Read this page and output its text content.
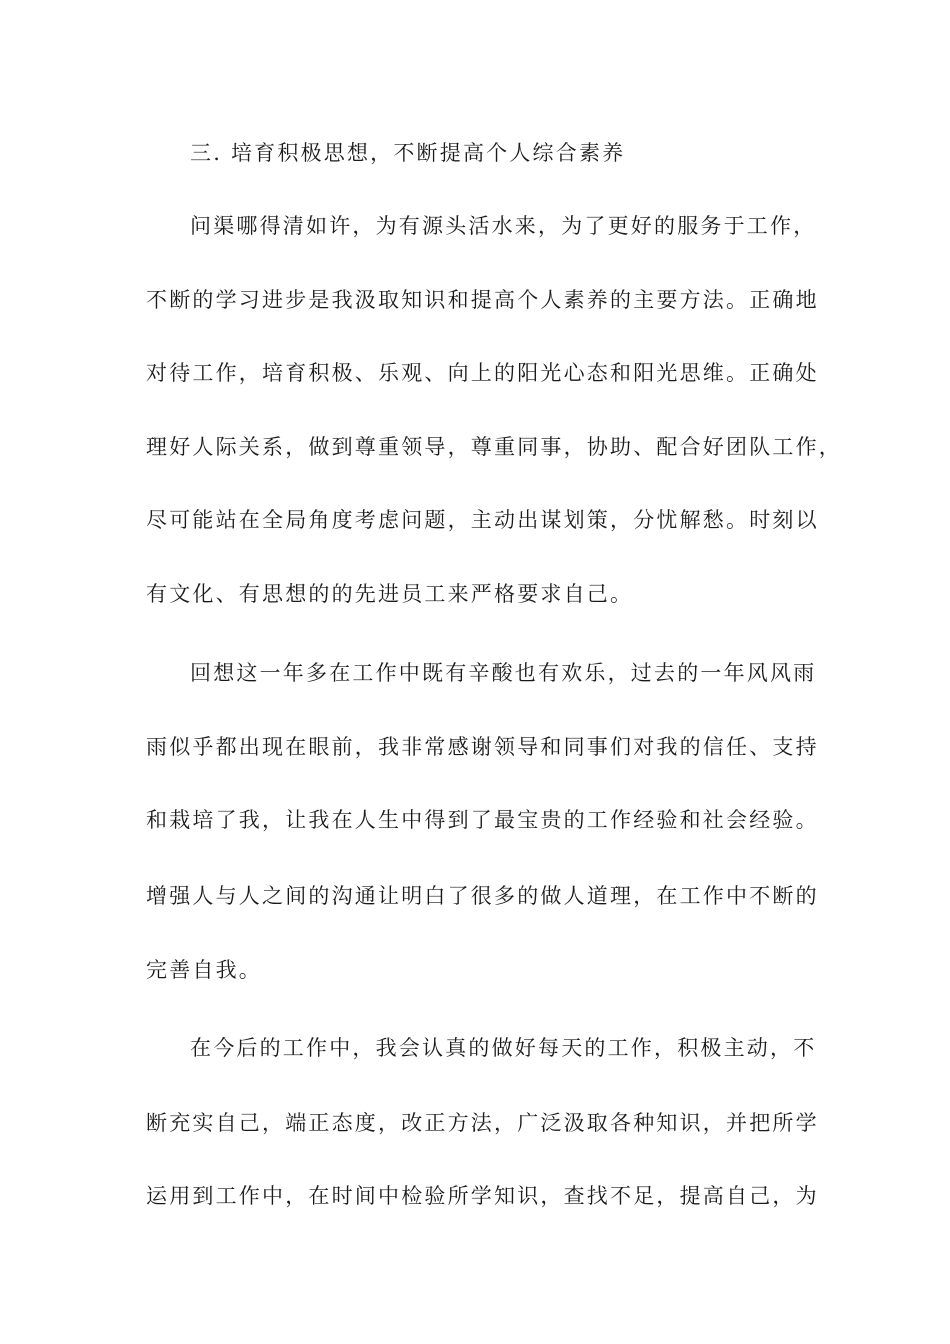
三. 培育积极思想，不断提高个人综合素养

问渠哪得清如许，为有源头活水来，为了更好的服务于工作，

不断的学习进步是我汲取知识和提高个人素养的主要方法。正确地

对待工作，培育积极、乐观、向上的阳光心态和阳光思维。正确处

理好人际关系，做到尊重领导，尊重同事，协助、配合好团队工作，

尽可能站在全局角度考虑问题，主动出谋划策，分忧解愁。时刻以

有文化、有思想的的先进员工来严格要求自己。

回想这一年多在工作中既有辛酸也有欢乐，过去的一年风风雨

雨似乎都出现在眼前，我非常感谢领导和同事们对我的信任、支持

和栽培了我，让我在人生中得到了最宝贵的工作经验和社会经验。

增强人与人之间的沟通让明白了很多的做人道理，在工作中不断的

完善自我。

在今后的工作中，我会认真的做好每天的工作，积极主动，不

断充实自己，端正态度，改正方法，广泛汲取各种知识，并把所学

运用到工作中，在时间中检验所学知识，查找不足，提高自己，为
